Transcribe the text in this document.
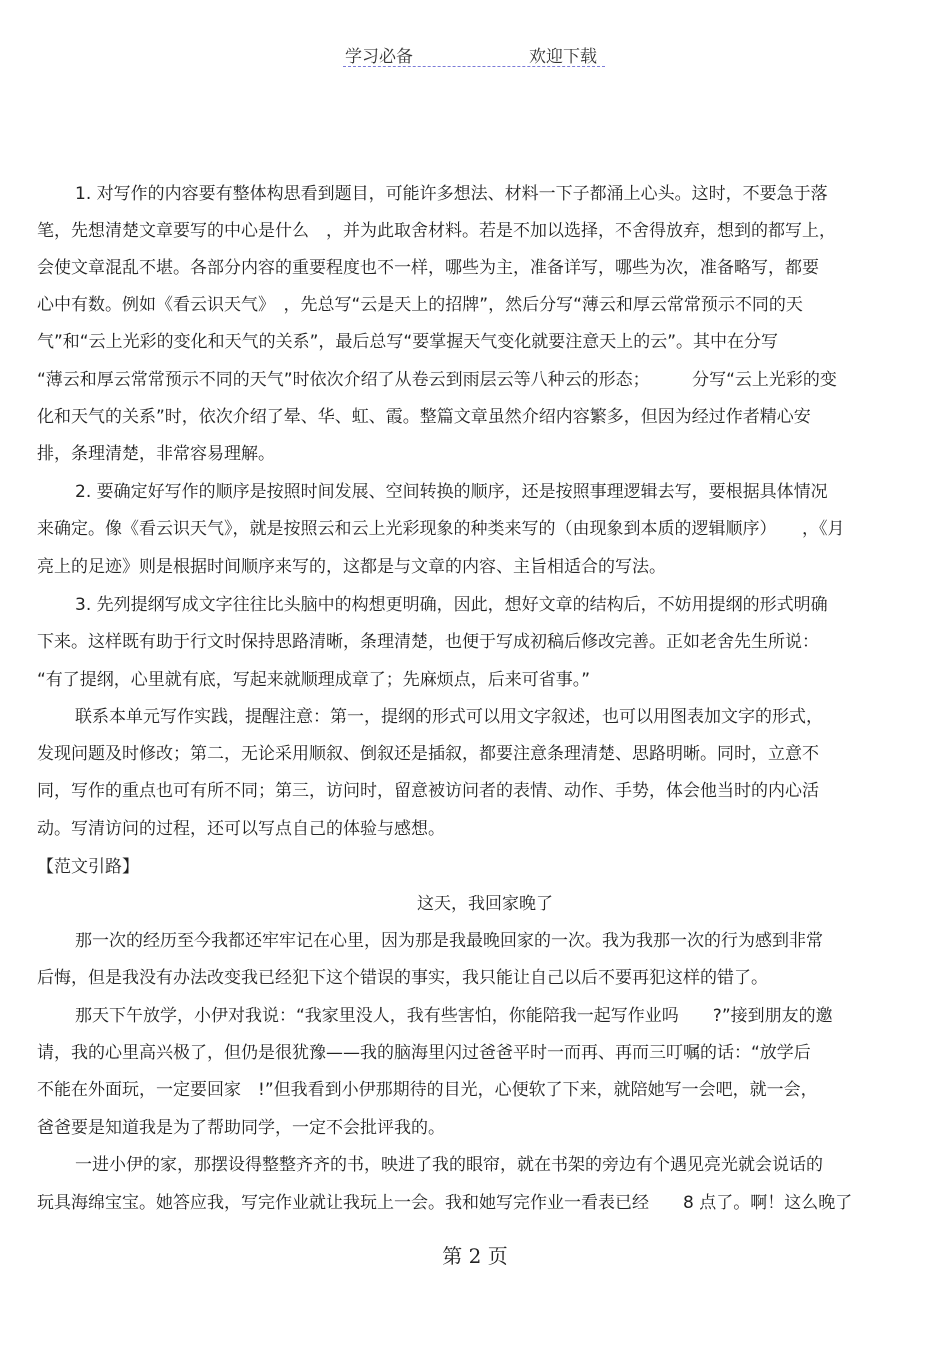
学习必备	欢迎下载
1. 对写作的内容要有整体构思看到题目，可能许多想法、材料一下子都涌上心头。这时，不要急于落
笔，先想清楚文章要写的中心是什么　，并为此取舍材料。若是不加以选择，不舍得放弃，想到的都写上，
会使文章混乱不堪。各部分内容的重要程度也不一样，哪些为主，准备详写，哪些为次，准备略写，都要
心中有数。例如《看云识天气》　，先总写“云是天上的招牌”，然后分写“薄云和厚云常常预示不同的天
气”和“云上光彩的变化和天气的关系”，最后总写“要掌握天气变化就要注意天上的云”。其中在分写
“薄云和厚云常常预示不同的天气”时依次介绍了从卷云到雨层云等八种云的形态；　　　分写“云上光彩的变
化和天气的关系”时，依次介绍了晕、华、虹、霞。整篇文章虽然介绍内容繁多，但因为经过作者精心安
排，条理清楚，非常容易理解。
2. 要确定好写作的顺序是按照时间发展、空间转换的顺序，还是按照事理逻辑去写，要根据具体情况
来确定。像《看云识天气》，就是按照云和云上光彩现象的种类来写的（由现象到本质的逻辑顺序）　　，《月
亮上的足迹》则是根据时间顺序来写的，这都是与文章的内容、主旨相适合的写法。
3. 先列提纲写成文字往往比头脑中的构想更明确，因此，想好文章的结构后，不妨用提纲的形式明确
下来。这样既有助于行文时保持思路清晰，条理清楚，也便于写成初稿后修改完善。正如老舍先生所说：
“有了提纲，心里就有底，写起来就顺理成章了；先麻烦点，后来可省事。”
联系本单元写作实践，提醒注意：第一，提纲的形式可以用文字叙述，也可以用图表加文字的形式，
发现问题及时修改；第二，无论采用顺叙、倒叙还是插叙，都要注意条理清楚、思路明晰。同时，立意不
同，写作的重点也可有所不同；第三，访问时，留意被访问者的表情、动作、手势，体会他当时的内心活
动。写清访问的过程，还可以写点自己的体验与感想。
【范文引路】
这天，我回家晚了
那一次的经历至今我都还牢牢记在心里，因为那是我最晚回家的一次。我为我那一次的行为感到非常
后悔，但是我没有办法改变我已经犯下这个错误的事实，我只能让自己以后不要再犯这样的错了。
那天下午放学，小伊对我说：“我家里没人，我有些害怕，你能陪我一起写作业吗　　?”接到朋友的邀
请，我的心里高兴极了，但仍是很犹豫——我的脑海里闪过爸爸平时一而再、再而三叮嘱的话：“放学后
不能在外面玩，一定要回家　!”但我看到小伊那期待的目光，心便软了下来，就陪她写一会吧，就一会，
爸爸要是知道我是为了帮助同学，一定不会批评我的。
一进小伊的家，那摆设得整整齐齐的书，映进了我的眼帘，就在书架的旁边有个遇见亮光就会说话的
玩具海绵宝宝。她答应我，写完作业就让我玩上一会。我和她写完作业一看表已经　　8 点了。啊！这么晚了
第 2 页
